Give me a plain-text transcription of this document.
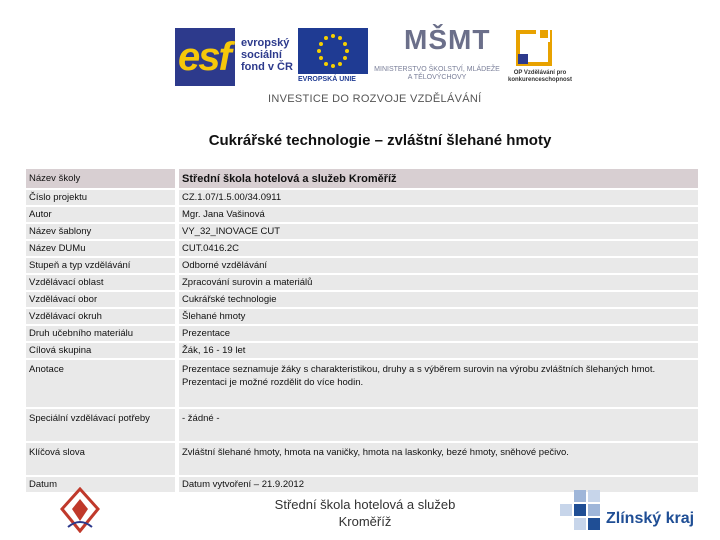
esf evropský sociální fond v ČR
EVROPSKÁ UNIE
MŠMT
MINISTERSTVO ŠKOLSTVÍ, MLÁDEŽE A TĚLOVÝCHOVY
OP Vzdělávání pro konkurenceschopnost
INVESTICE DO ROZVOJE VZDĚLÁVÁNÍ
Cukrářské technologie – zvláštní šlehané hmoty
Název školy	Střední škola hotelová a služeb Kroměříž
Číslo projektu	CZ.1.07/1.5.00/34.0911
Autor	Mgr. Jana Vašinová
Název šablony	VY_32_INOVACE CUT
Název DUMu	CUT.0416.2C
Stupeň a typ vzdělávání	Odborné vzdělávání
Vzdělávací oblast	Zpracování surovin a materiálů
Vzdělávací obor	Cukrářské technologie
Vzdělávací okruh	Šlehané hmoty
Druh učebního materiálu	Prezentace
Cílová skupina	Žák, 16 - 19 let
Anotace	Prezentace seznamuje žáky s charakteristikou, druhy a s výběrem surovin na výrobu zvláštních šlehaných hmot. Prezentaci je možné rozdělit do více hodin.
Speciální vzdělávací potřeby	- žádné -
Klíčová slova	Zvláštní šlehané hmoty, hmota na vaničky, hmota na laskonky, bezé hmoty, sněhové pečivo.
Datum	Datum vytvoření – 21.9.2012
Střední škola hotelová a služeb
Kroměříž	Zlínský kraj
